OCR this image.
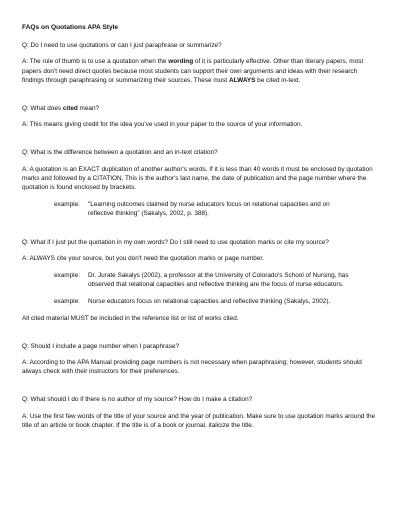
FAQs on Quotations APA Style

Q: Do I need to use quotations or can I just paraphrase or summarize?

A: The rule of thumb is to use a quotation when the wording of it is particularly effective. Other than literary papers, most papers don't need direct quotes because most students can support their own arguments and ideas with their research findings through paraphrasing or summarizing their sources. These must ALWAYS be cited in-text.

Q: What does cited mean?

A: This means giving credit for the idea you've used in your paper to the source of your information.

Q: What is the difference between a quotation and an in-text citation?

A: A quotation is an EXACT duplication of another author's words. If it is less than 40 words it must be enclosed by quotation marks and followed by a CITATION. This is the author's last name, the date of publication and the page number where the quotation is found enclosed by brackets.

example:	"Learning outcomes claimed by nurse educators focus on relational capacities and on reflective thinking" (Sakalys, 2002, p. 388).

Q: What if I just put the quotation in my own words? Do I still need to use quotation marks or cite my source?

A: ALWAYS cite your source, but you don't need the quotation marks or page number.

example:	Dr. Jurate Sakalys (2002), a professor at the University of Colorado's School of Nursing, has observed that relational capacities and reflective thinking are the focus of nurse educators.
example:	Nurse educators focus on relational capacities and reflective thinking (Sakalys, 2002).

All cited material MUST be included in the reference list or list of works cited.

Q: Should I include a page number when I paraphrase?

A: According to the APA Manual providing page numbers is not necessary when paraphrasing; however, students should always check with their instructors for their preferences.

Q: What should I do if there is no author of my source? How do I make a citation?

A: Use the first few words of the title of your source and the year of publication. Make sure to use quotation marks around the title of an article or book chapter. If the title is of a book or journal, italicize the title.
